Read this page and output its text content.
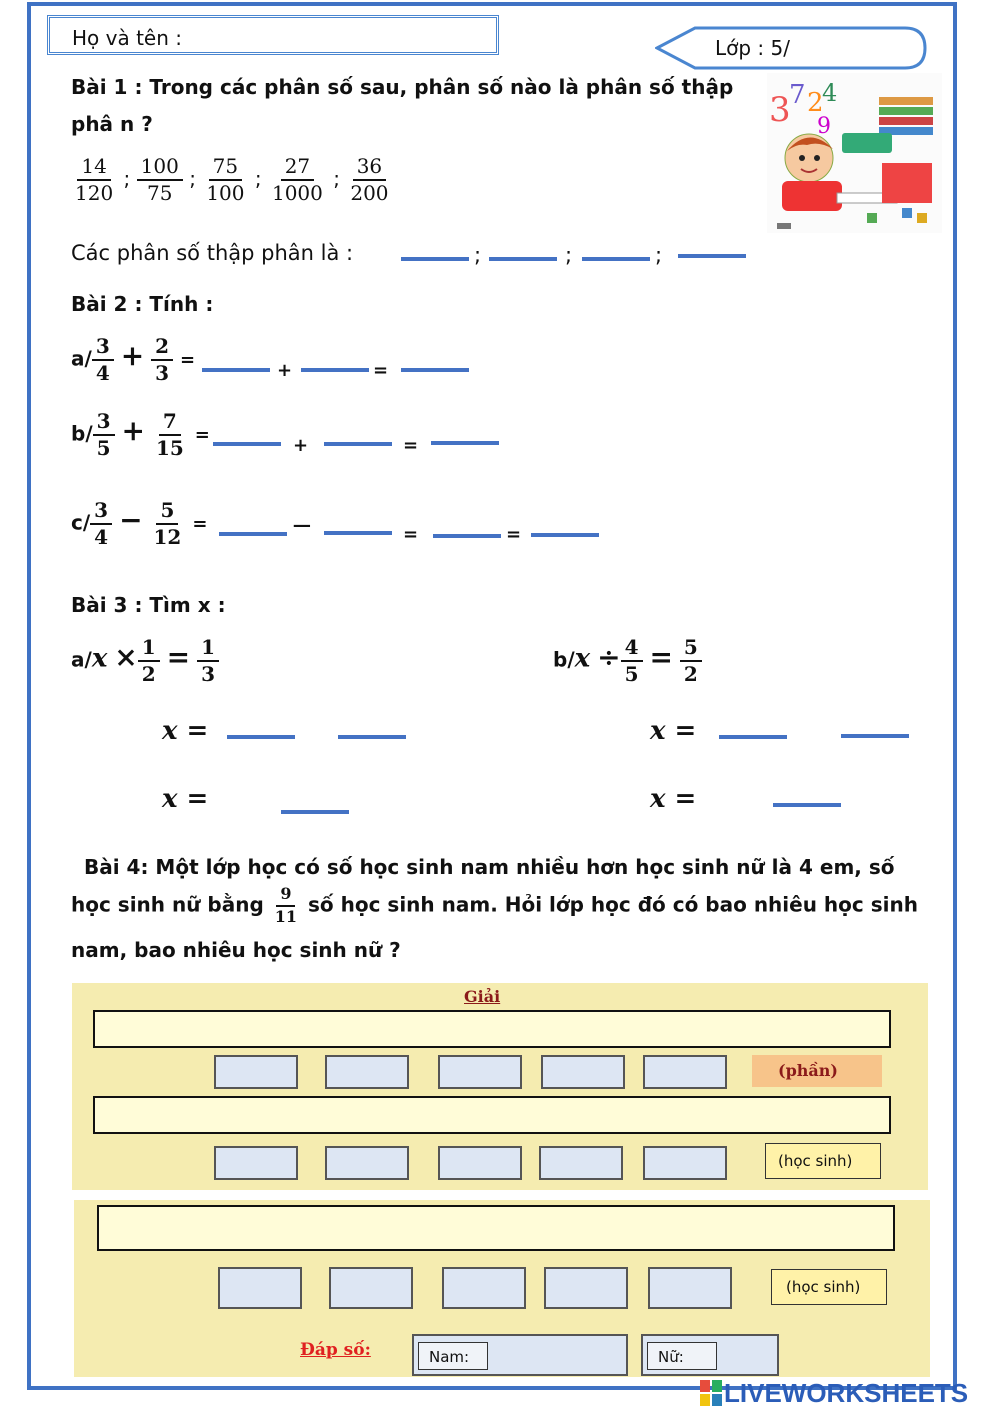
Họ và tên :	Lớp : 5/
3
7 2
4
9
Bài 1 : Trong các phân số sau, phân số nào là phân số thập
phâ n ?
$\frac{14}{120}$ ; $\frac{100}{75}$ ; $\frac{75}{100}$ ; $\frac{27}{1000}$ ; $\frac{36}{200}$
Các phân số thập phân là :	;	;	;
Bài 2 : Tính :
$a/ \frac{3}{4} + \frac{2}{3}$ =	+	=
$b/ \frac{3}{5} + \frac{7}{15}$ =	+	=
$c/ \frac{3}{4} - \frac{5}{12}$ =	−	=	=
Bài 3 : Tìm x :
a/𝒙 × $\frac{1}{2} = \frac{1}{3}$	b/𝒙 ÷ $\frac{4}{5} = \frac{5}{2}$
𝒙 =
𝒙 =
𝒙 =
𝒙 =
Bài 4: Một lớp học có số học sinh nam nhiều hơn học sinh nữ là 4 em, số
học sinh nữ bằng $\frac{9}{11}$ số học sinh nam. Hỏi lớp học đó có bao nhiêu học sinh
nam, bao nhiêu học sinh nữ ?
Giải
(phần)
(học sinh)
(học sinh)
Đáp số:	Nam:	Nữ:
LIVEWORKSHEETS
